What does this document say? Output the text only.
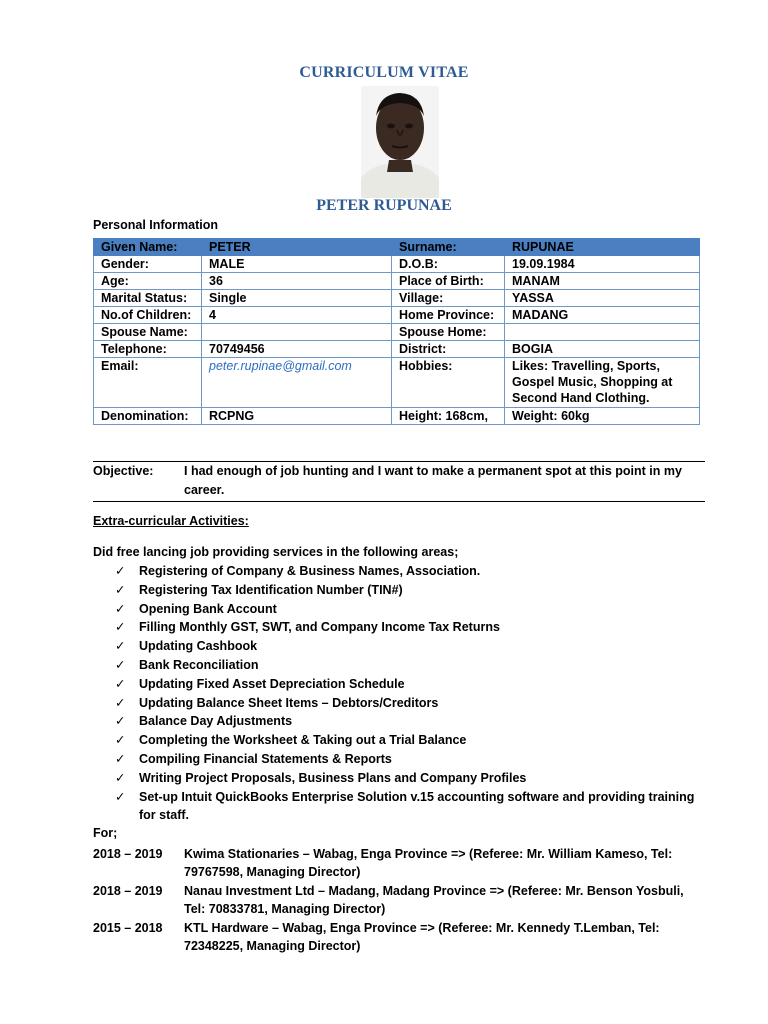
CURRICULUM VITAE
PETER RUPUNAE
Personal Information
Given Name:	PETER	Surname:	RUPUNAE
Gender:	MALE	D.O.B:	19.09.1984
Age:	36	Place of Birth:	MANAM
Marital Status:	Single	Village:	YASSA
No.of Children:	4	Home Province:	MADANG
Spouse Name:		Spouse Home:	
Telephone:	70749456	District:	BOGIA
Email:	peter.rupinae@gmail.com	Hobbies:	Likes: Travelling, Sports, Gospel Music, Shopping at Second Hand Clothing.
Denomination:	RCPNG	Height: 168cm,	Weight: 60kg
Objective: I had enough of job hunting and I want to make a permanent spot at this point in my career.
Extra-curricular Activities:
Did free lancing job providing services in the following areas;
✓ Registering of Company & Business Names, Association.
✓ Registering Tax Identification Number (TIN#)
✓ Opening Bank Account
✓ Filling Monthly GST, SWT, and Company Income Tax Returns
✓ Updating Cashbook
✓ Bank Reconciliation
✓ Updating Fixed Asset Depreciation Schedule
✓ Updating Balance Sheet Items – Debtors/Creditors
✓ Balance Day Adjustments
✓ Completing the Worksheet & Taking out a Trial Balance
✓ Compiling Financial Statements & Reports
✓ Writing Project Proposals, Business Plans and Company Profiles
✓ Set-up Intuit QuickBooks Enterprise Solution v.15 accounting software and providing training for staff.
For;
2018 – 2019 Kwima Stationaries – Wabag, Enga Province => (Referee: Mr. William Kameso, Tel: 79767598, Managing Director)
2018 – 2019 Nanau Investment Ltd – Madang, Madang Province => (Referee: Mr. Benson Yosbuli, Tel: 70833781, Managing Director)
2015 – 2018 KTL Hardware – Wabag, Enga Province => (Referee: Mr. Kennedy T.Lemban, Tel: 72348225, Managing Director)
